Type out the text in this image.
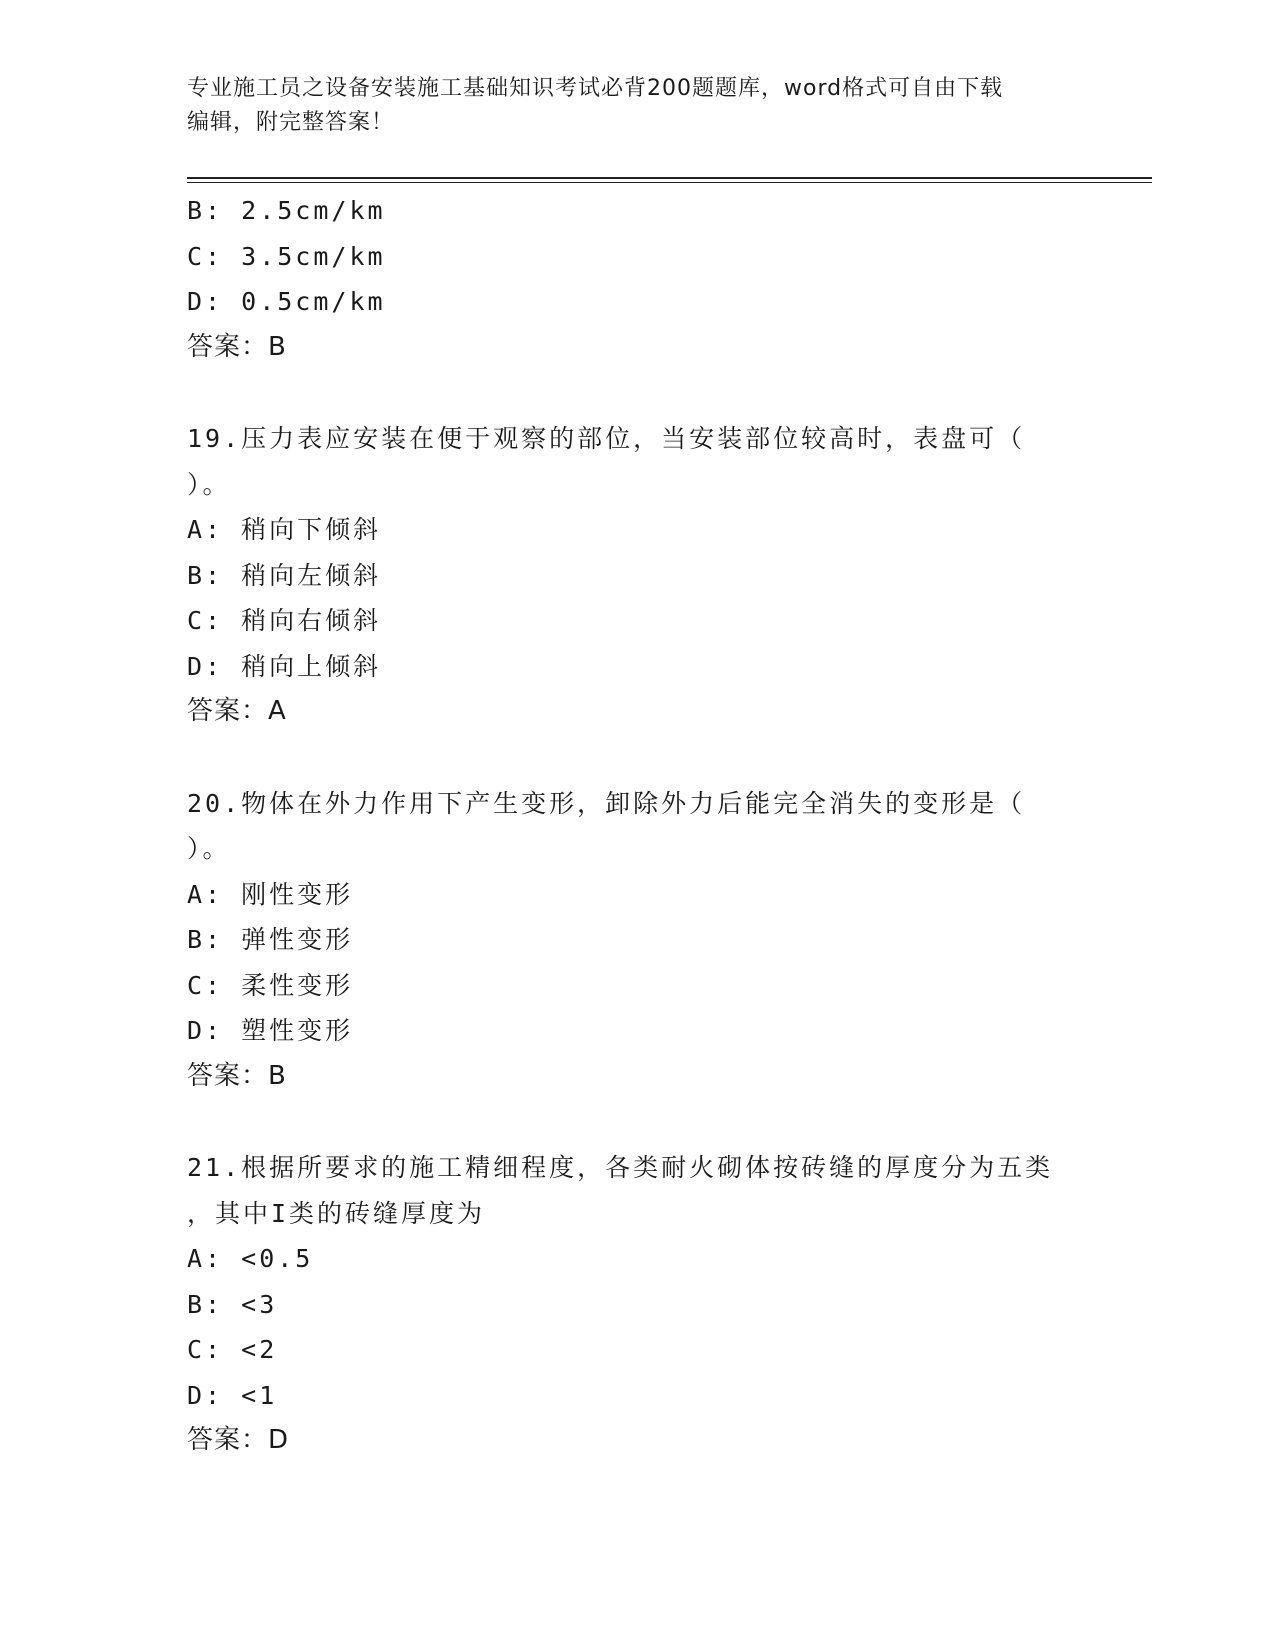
专业施工员之设备安装施工基础知识考试必背200题题库，word格式可自由下载
编辑，附完整答案！
B: 2.5cm/km
C: 3.5cm/km
D: 0.5cm/km
答案：B
19.压力表应安装在便于观察的部位，当安装部位较高时，表盘可（
）。
A: 稍向下倾斜
B: 稍向左倾斜
C: 稍向右倾斜
D: 稍向上倾斜
答案：A
20.物体在外力作用下产生变形，卸除外力后能完全消失的变形是（
）。
A: 刚性变形
B: 弹性变形
C: 柔性变形
D: 塑性变形
答案：B
21.根据所要求的施工精细程度，各类耐火砌体按砖缝的厚度分为五类
，其中I类的砖缝厚度为
A: <0.5
B: <3
C: <2
D: <1
答案：D
